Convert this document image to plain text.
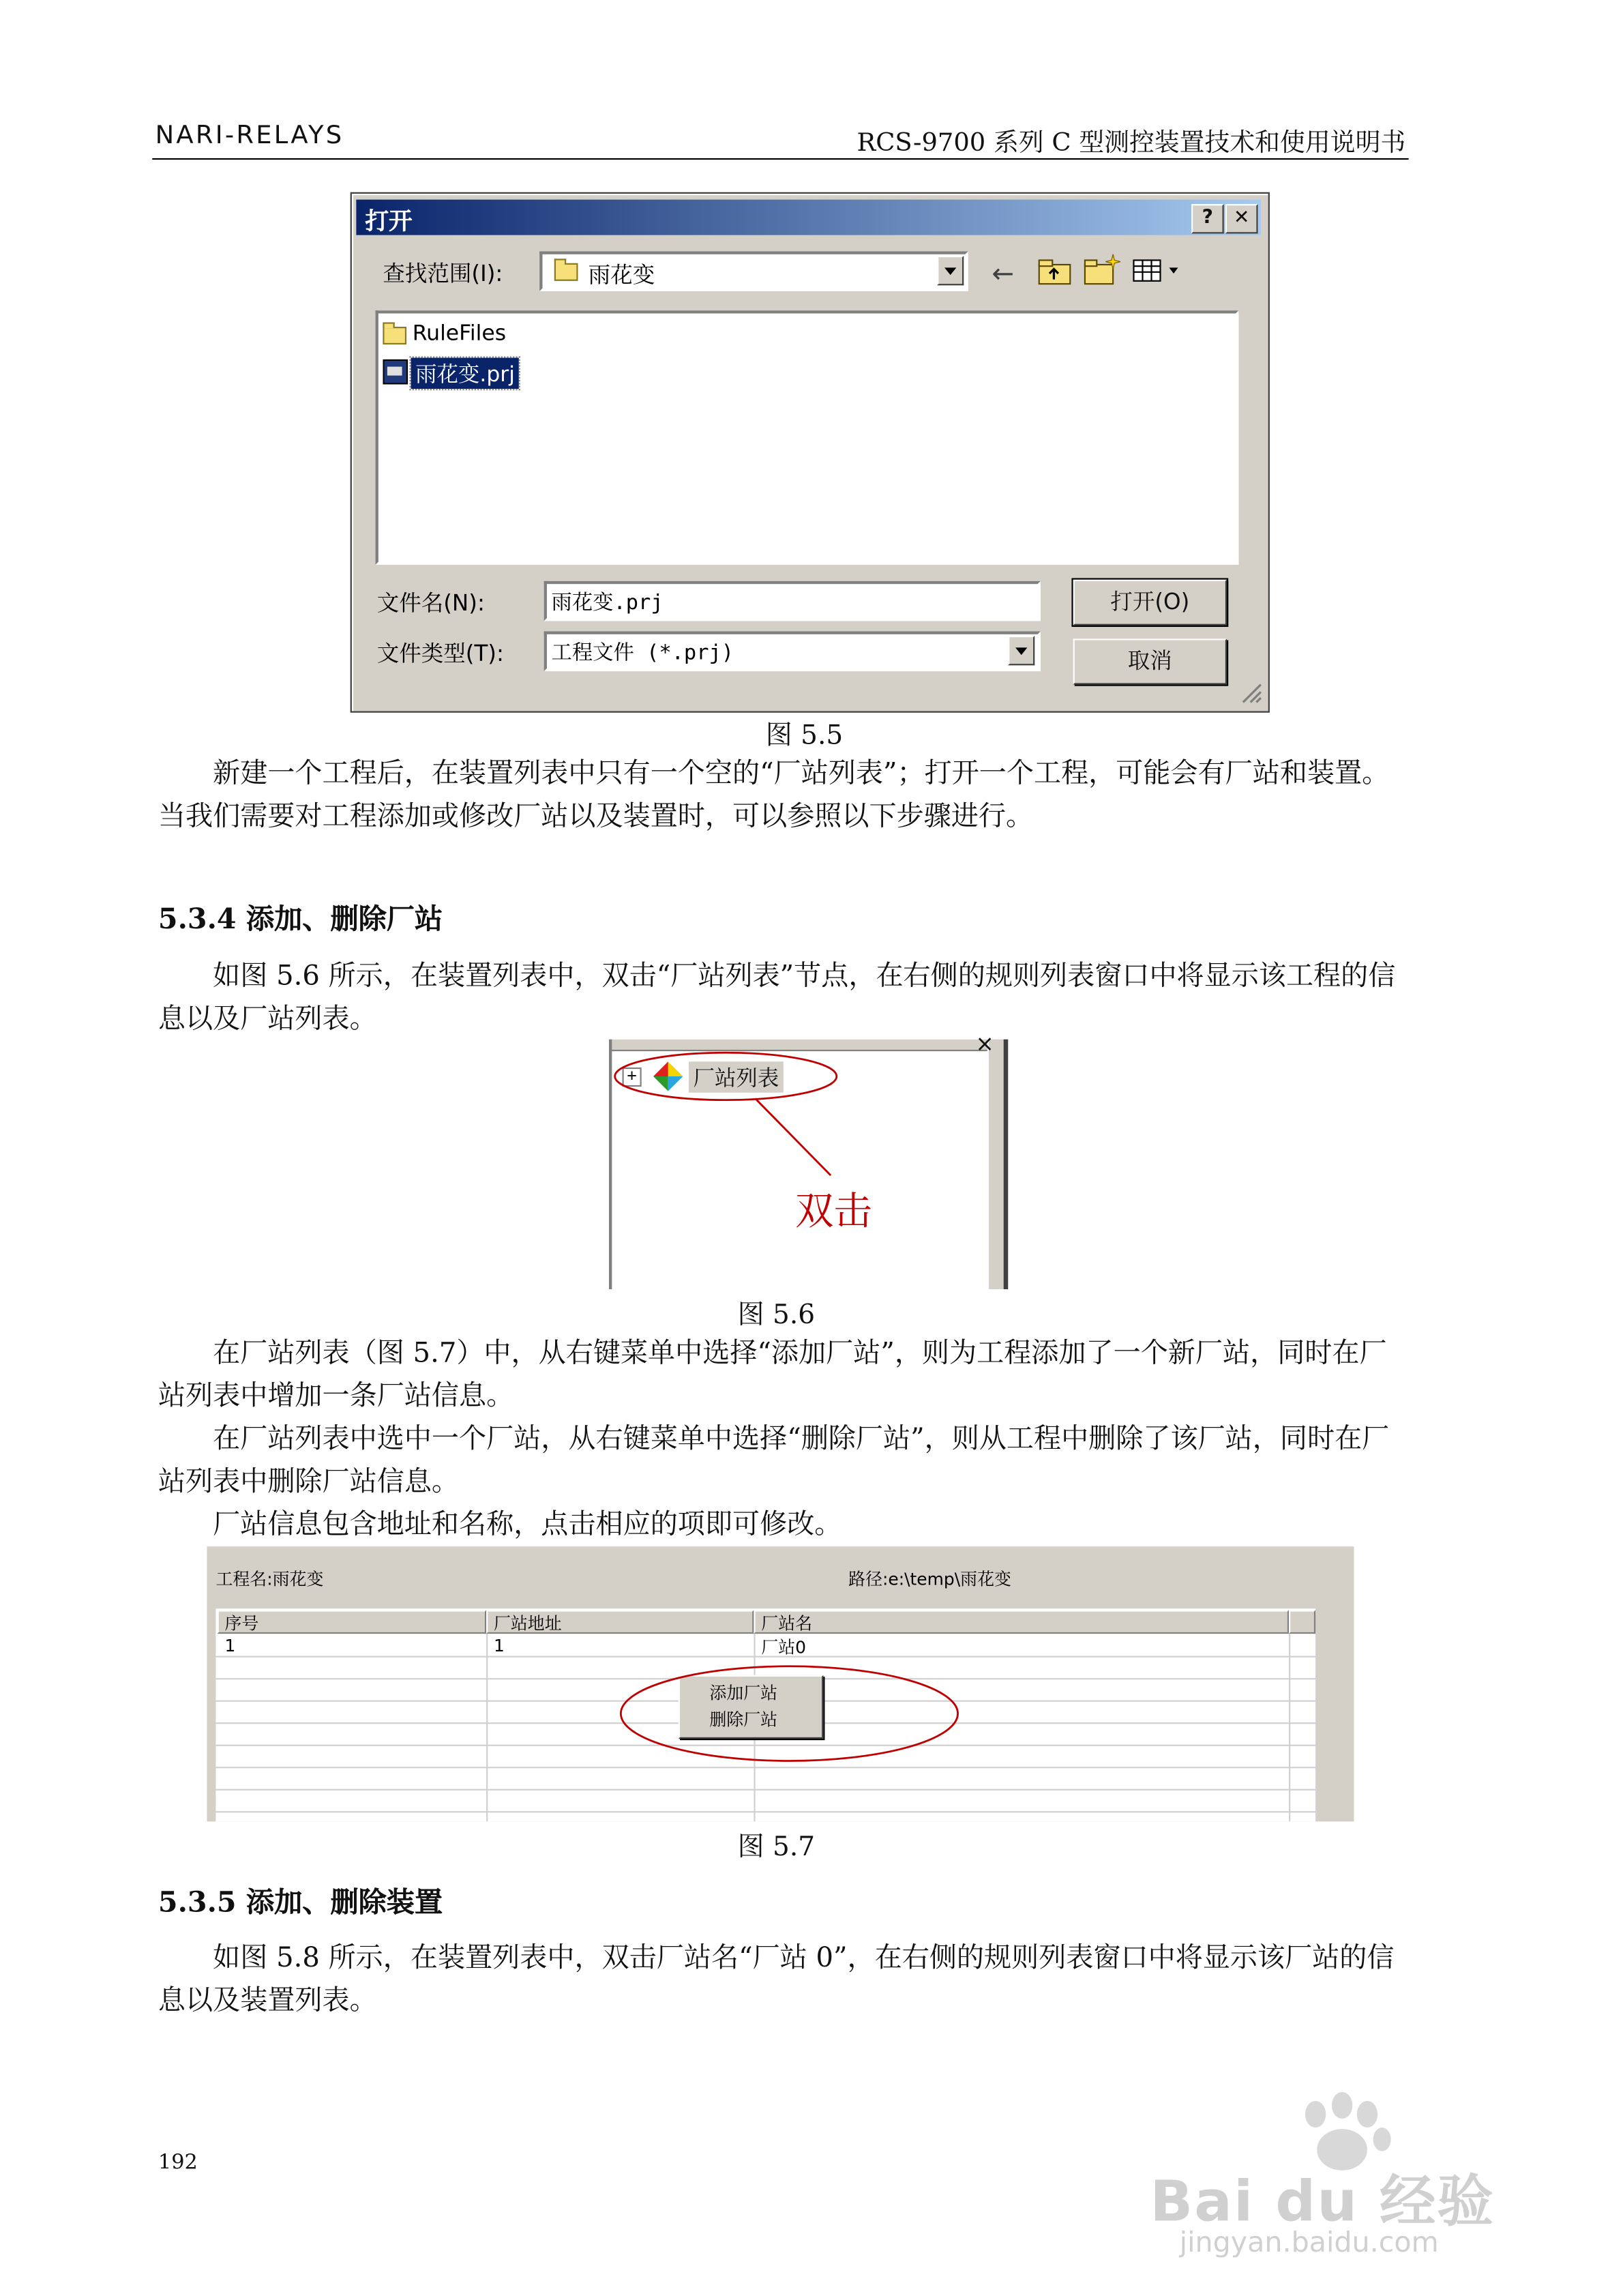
NARI-RELAYS	RCS-9700 系列 C 型测控装置技术和使用说明书
打开	?	✕
查找范围(I):	雨花变	←
RuleFiles
雨花变.prj
文件名(N):	雨花变.prj
文件类型(T):	工程文件 (*.prj)
打开(O)
取消
图 5.5
新建一个工程后，在装置列表中只有一个空的“厂站列表”；打开一个工程，可能会有厂站和装置。当我们需要对工程添加或修改厂站以及装置时，可以参照以下步骤进行。
5.3.4 添加、删除厂站
如图 5.6 所示，在装置列表中，双击“厂站列表”节点，在右侧的规则列表窗口中将显示该工程的信息以及厂站列表。
×
+	厂站列表
双击
图 5.6
在厂站列表（图 5.7）中，从右键菜单中选择“添加厂站”，则为工程添加了一个新厂站，同时在厂站列表中增加一条厂站信息。
在厂站列表中选中一个厂站，从右键菜单中选择“删除厂站”，则从工程中删除了该厂站，同时在厂站列表中删除厂站信息。
厂站信息包含地址和名称，点击相应的项即可修改。
工程名:雨花变	路径:e:\temp\雨花变
序号	厂站地址	厂站名
1	1	厂站0
添加厂站
删除厂站
图 5.7
5.3.5 添加、删除装置
如图 5.8 所示，在装置列表中，双击厂站名“厂站 0”，在右侧的规则列表窗口中将显示该厂站的信息以及装置列表。
192
Bai du 经验
jingyan.baidu.com
